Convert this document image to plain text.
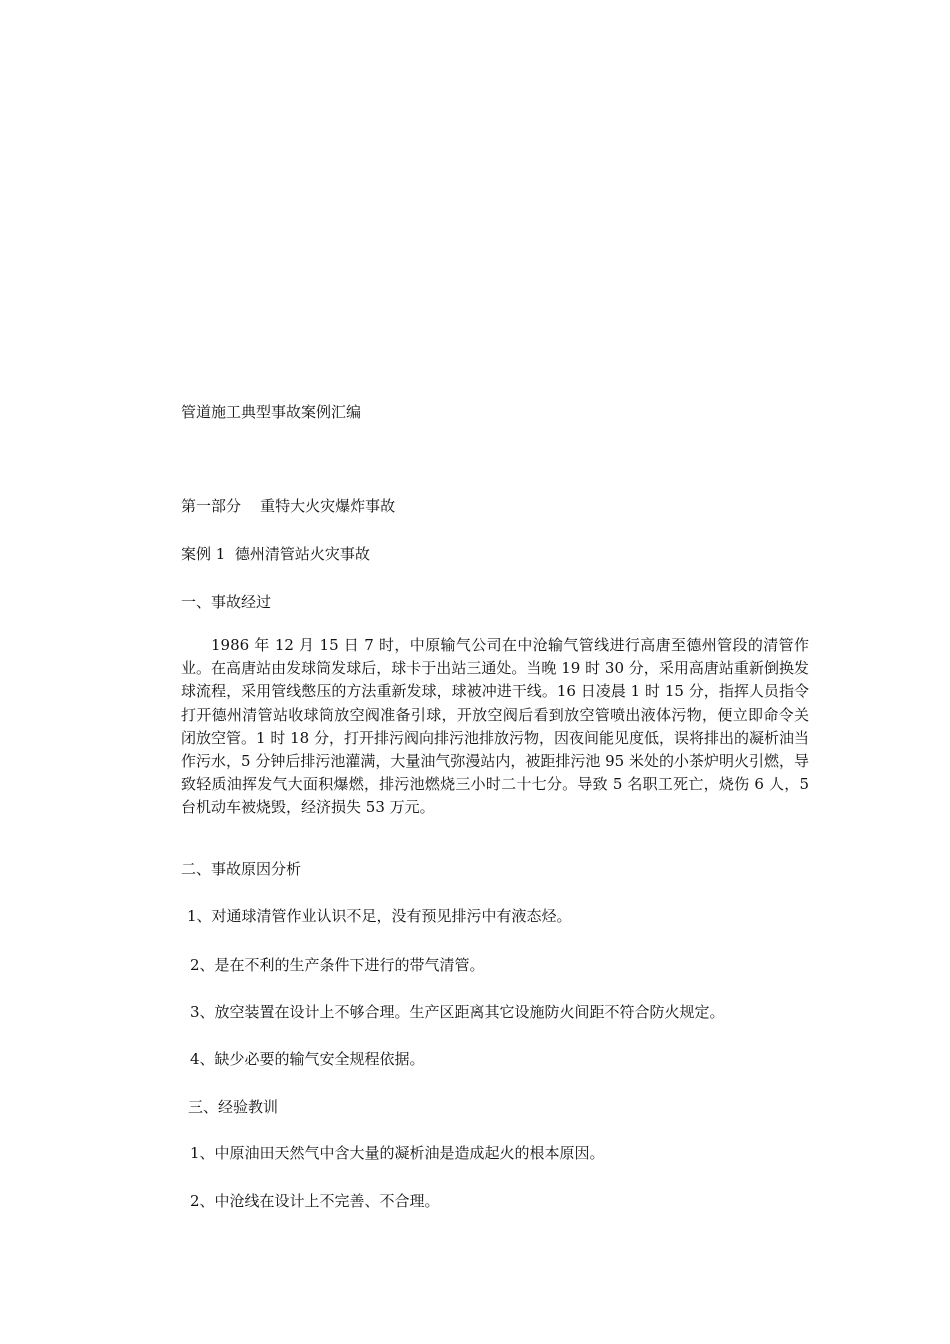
管道施工典型事故案例汇编
第一部分    重特大火灾爆炸事故
案例 1  德州清管站火灾事故
一、事故经过
1986 年 12 月 15 日 7 时，中原输气公司在中沧输气管线进行高唐至德州管段的清管作业。在高唐站由发球筒发球后，球卡于出站三通处。当晚 19 时 30 分，采用高唐站重新倒换发球流程，采用管线憋压的方法重新发球，球被冲进干线。16 日凌晨 1 时 15 分，指挥人员指令打开德州清管站收球筒放空阀准备引球，开放空阀后看到放空管喷出液体污物，便立即命令关闭放空管。1 时 18 分，打开排污阀向排污池排放污物，因夜间能见度低，误将排出的凝析油当作污水，5 分钟后排污池灌满，大量油气弥漫站内，被距排污池 95 米处的小茶炉明火引燃，导致轻质油挥发气大面积爆燃，排污池燃烧三小时二十七分。导致 5 名职工死亡，烧伤 6 人，5 台机动车被烧毁，经济损失 53 万元。
二、事故原因分析
1、对通球清管作业认识不足，没有预见排污中有液态烃。
2、是在不利的生产条件下进行的带气清管。
3、放空装置在设计上不够合理。生产区距离其它设施防火间距不符合防火规定。
4、缺少必要的输气安全规程依据。
三、经验教训
1、中原油田天然气中含大量的凝析油是造成起火的根本原因。
2、中沧线在设计上不完善、不合理。
